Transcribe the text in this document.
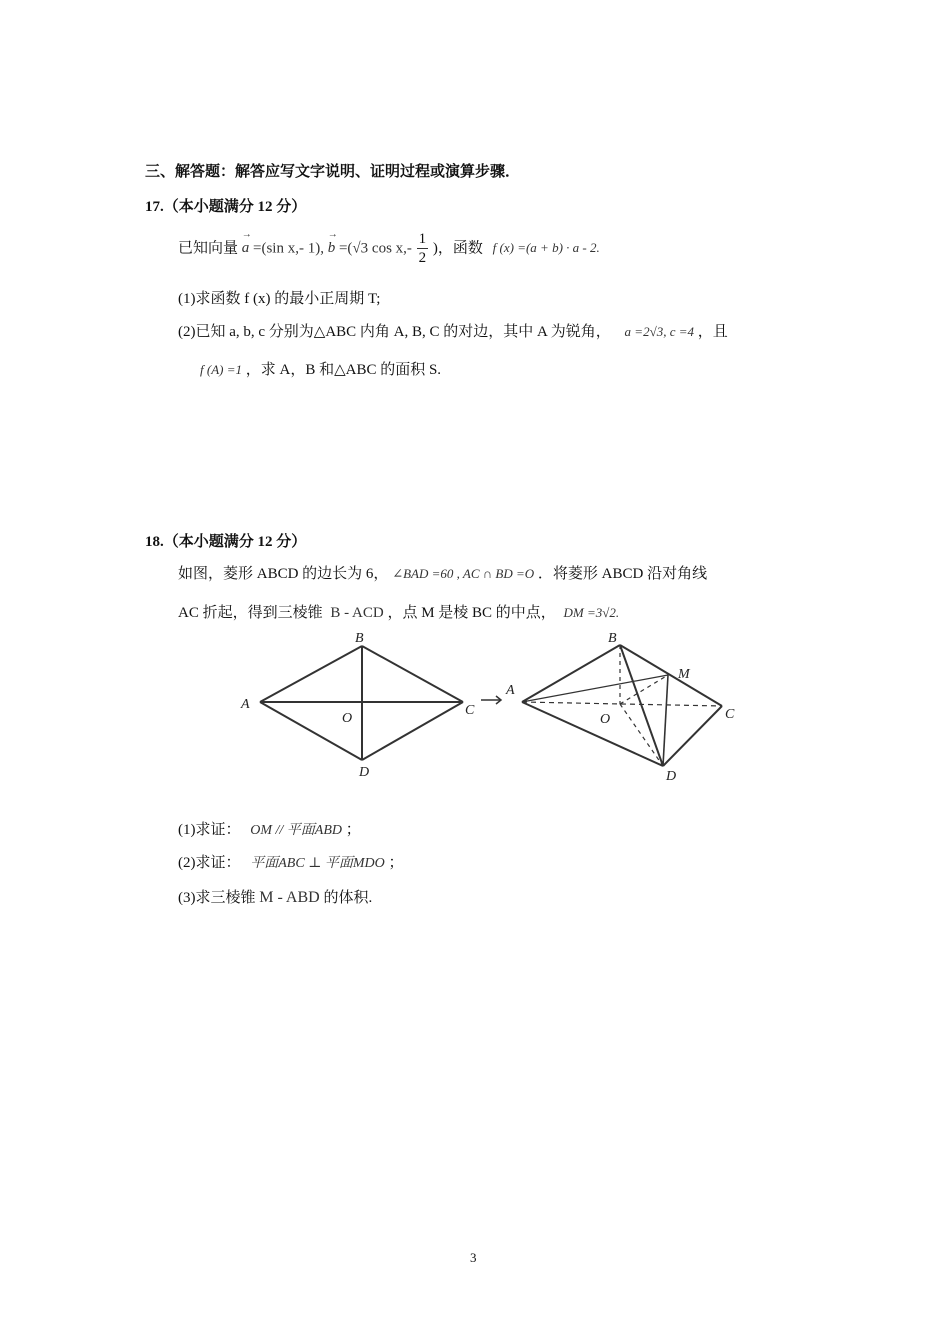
三、解答题：解答应写文字说明、证明过程或演算步骤．
17.（本小题满分 12 分）
已知向量 → a =(sin x,- 1), → b =(√3 $\cos x,- \frac{1}{2}$ )，函数 f (x) =(a + b) · a - 2.
(1)求函数 f (x) 的最小正周期 T;
(2)已知 a, b, c 分别为△ABC 内角 A, B, C 的对边，其中 A 为锐角， a =2√3, c =4 ，且
f (A) =1 ，求 A，B 和△ABC 的面积 S.
18.（本小题满分 12 分）
如图，菱形 ABCD 的边长为 6， ∠BAD =60 , AC ∩ BD =O ．将菱形 ABCD 沿对角线
AC 折起，得到三棱锥 B - ACD ，点 M 是棱 BC 的中点， DM =3√2.
A
B
C
D
O
A
B
C
D
O
M
(1)求证： OM // 平面ABD ；
(2)求证： 平面ABC ⊥ 平面MDO ；
(3)求三棱锥 M - ABD 的体积.
3
